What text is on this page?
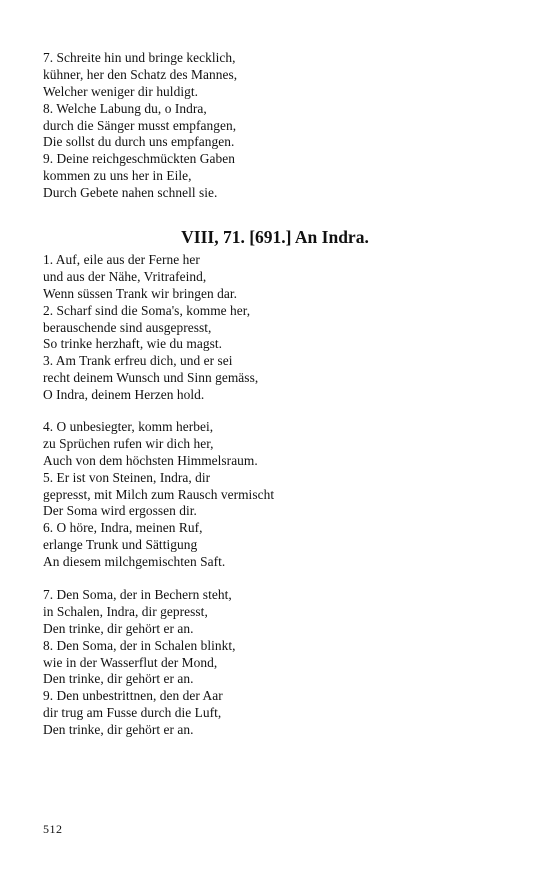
7. Schreite hin und bringe kecklich,
kühner, her den Schatz des Mannes,
Welcher weniger dir huldigt.
8. Welche Labung du, o Indra,
durch die Sänger musst empfangen,
Die sollst du durch uns empfangen.
9. Deine reichgeschmückten Gaben
kommen zu uns her in Eile,
Durch Gebete nahen schnell sie.
VIII, 71. [691.] An Indra.
1. Auf, eile aus der Ferne her
und aus der Nähe, Vritrafeind,
Wenn süssen Trank wir bringen dar.
2. Scharf sind die Soma's, komme her,
berauschende sind ausgepresst,
So trinke herzhaft, wie du magst.
3. Am Trank erfreu dich, und er sei
recht deinem Wunsch und Sinn gemäss,
O Indra, deinem Herzen hold.
4. O unbesiegter, komm herbei,
zu Sprüchen rufen wir dich her,
Auch von dem höchsten Himmelsraum.
5. Er ist von Steinen, Indra, dir
gepresst, mit Milch zum Rausch vermischt
Der Soma wird ergossen dir.
6. O höre, Indra, meinen Ruf,
erlange Trunk und Sättigung
An diesem milchgemischten Saft.
7. Den Soma, der in Bechern steht,
in Schalen, Indra, dir gepresst,
Den trinke, dir gehört er an.
8. Den Soma, der in Schalen blinkt,
wie in der Wasserflut der Mond,
Den trinke, dir gehört er an.
9. Den unbestrittnen, den der Aar
dir trug am Fusse durch die Luft,
Den trinke, dir gehört er an.
512
